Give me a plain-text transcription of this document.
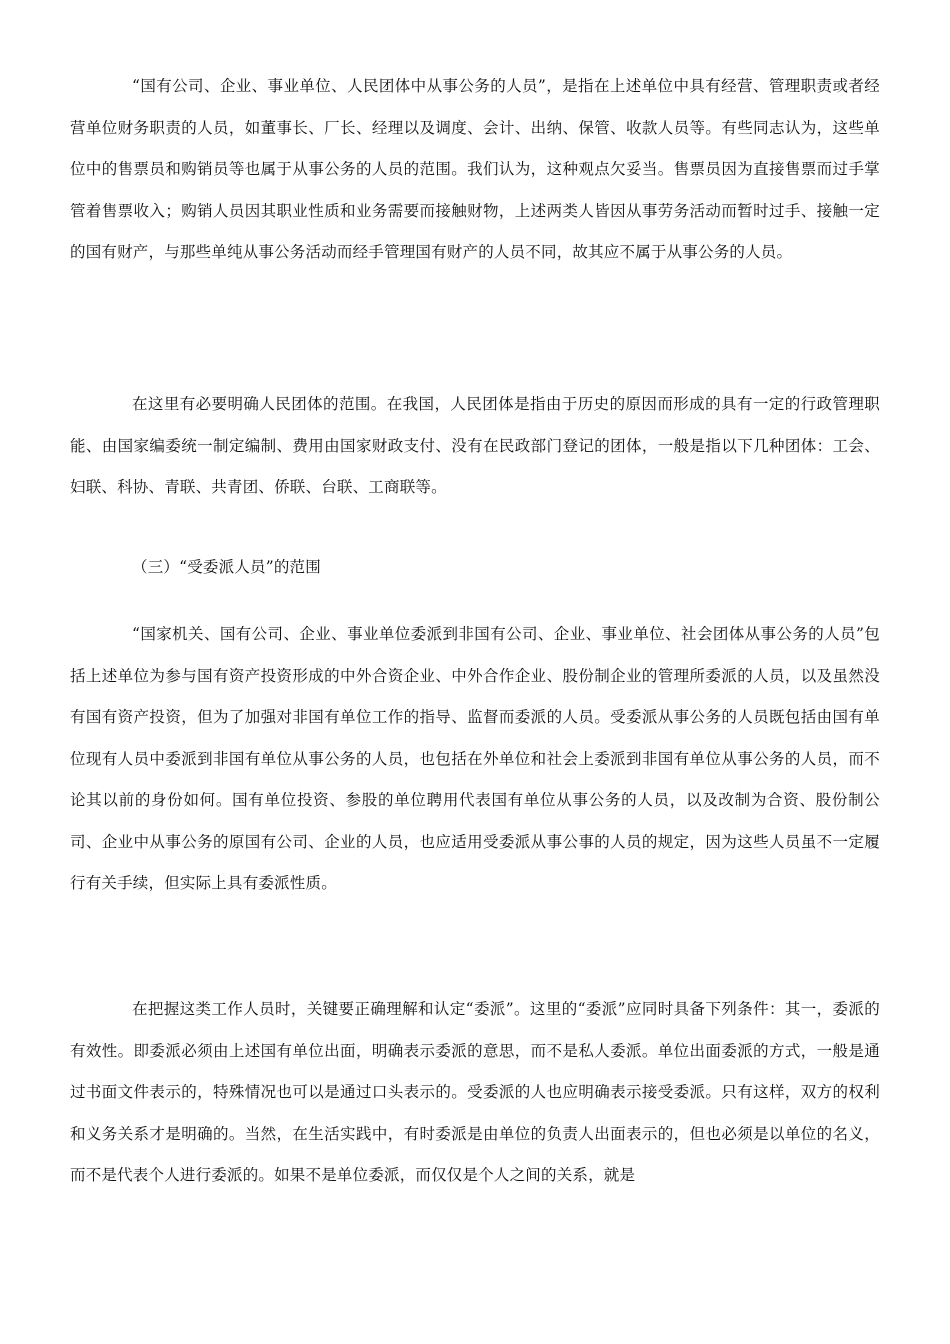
“国有公司、企业、事业单位、人民团体中从事公务的人员”，是指在上述单位中具有经营、管理职责或者经营单位财务职责的人员，如董事长、厂长、经理以及调度、会计、出纳、保管、收款人员等。有些同志认为，这些单位中的售票员和购销员等也属于从事公务的人员的范围。我们认为，这种观点欠妥当。售票员因为直接售票而过手掌管着售票收入；购销人员因其职业性质和业务需要而接触财物，上述两类人皆因从事劳务活动而暂时过手、接触一定的国有财产，与那些单纯从事公务活动而经手管理国有财产的人员不同，故其应不属于从事公务的人员。

在这里有必要明确人民团体的范围。在我国，人民团体是指由于历史的原因而形成的具有一定的行政管理职能、由国家编委统一制定编制、费用由国家财政支付、没有在民政部门登记的团体，一般是指以下几种团体：工会、妇联、科协、青联、共青团、侨联、台联、工商联等。

（三）“受委派人员”的范围

“国家机关、国有公司、企业、事业单位委派到非国有公司、企业、事业单位、社会团体从事公务的人员”包括上述单位为参与国有资产投资形成的中外合资企业、中外合作企业、股份制企业的管理所委派的人员，以及虽然没有国有资产投资，但为了加强对非国有单位工作的指导、监督而委派的人员。受委派从事公务的人员既包括由国有单位现有人员中委派到非国有单位从事公务的人员，也包括在外单位和社会上委派到非国有单位从事公务的人员，而不论其以前的身份如何。国有单位投资、参股的单位聘用代表国有单位从事公务的人员，以及改制为合资、股份制公司、企业中从事公务的原国有公司、企业的人员，也应适用受委派从事公事的人员的规定，因为这些人员虽不一定履行有关手续，但实际上具有委派性质。

在把握这类工作人员时，关键要正确理解和认定“委派”。这里的“委派”应同时具备下列条件：其一，委派的有效性。即委派必须由上述国有单位出面，明确表示委派的意思，而不是私人委派。单位出面委派的方式，一般是通过书面文件表示的，特殊情况也可以是通过口头表示的。受委派的人也应明确表示接受委派。只有这样，双方的权利和义务关系才是明确的。当然，在生活实践中，有时委派是由单位的负责人出面表示的，但也必须是以单位的名义，而不是代表个人进行委派的。如果不是单位委派，而仅仅是个人之间的关系，就是
